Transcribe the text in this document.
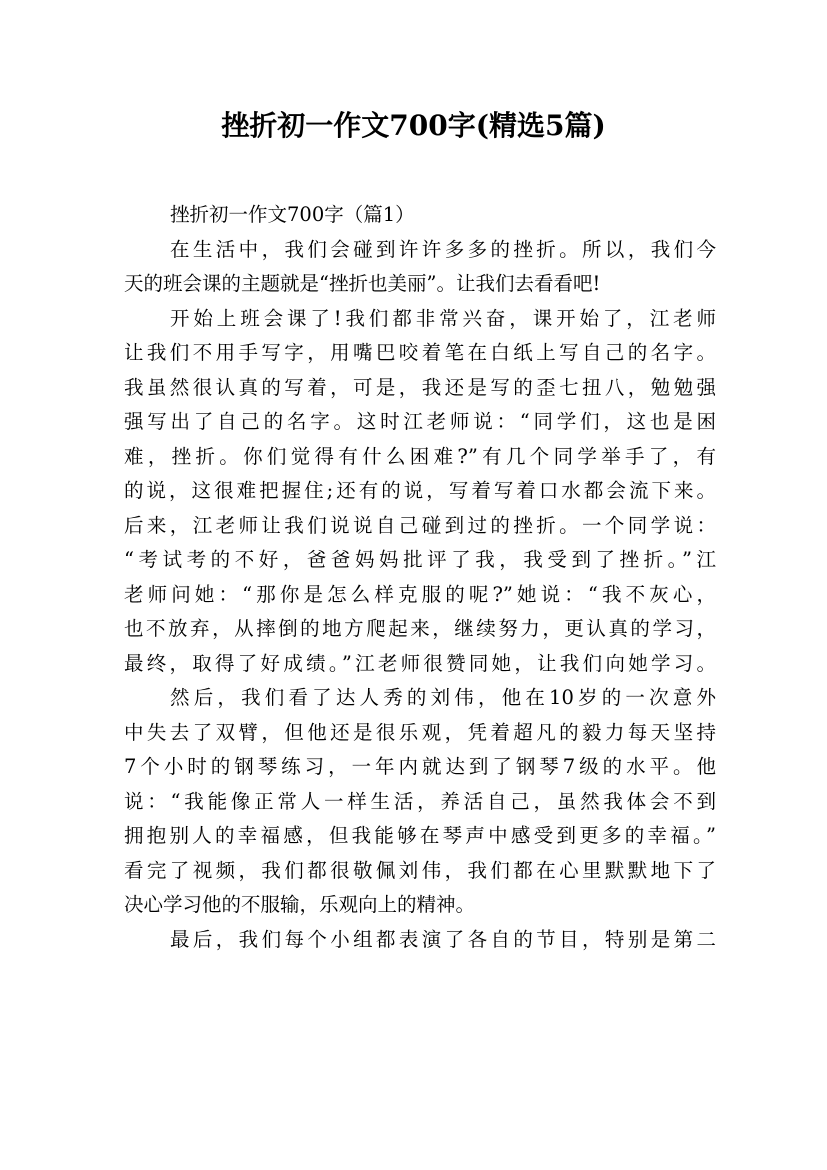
挫折初一作文700字(精选5篇)
挫折初一作文700字（篇1）
在生活中，我们会碰到许许多多的挫折。所以，我们今
天的班会课的主题就是“挫折也美丽”。让我们去看看吧!
开始上班会课了!我们都非常兴奋，课开始了，江老师
让我们不用手写字，用嘴巴咬着笔在白纸上写自己的名字。
我虽然很认真的写着，可是，我还是写的歪七扭八，勉勉强
强写出了自己的名字。这时江老师说：“同学们，这也是困
难，挫折。你们觉得有什么困难?”有几个同学举手了，有
的说，这很难把握住;还有的说，写着写着口水都会流下来。
后来，江老师让我们说说自己碰到过的挫折。一个同学说：
“考试考的不好，爸爸妈妈批评了我，我受到了挫折。”江
老师问她：“那你是怎么样克服的呢?”她说：“我不灰心，
也不放弃，从摔倒的地方爬起来，继续努力，更认真的学习，
最终，取得了好成绩。”江老师很赞同她，让我们向她学习。
然后，我们看了达人秀的刘伟，他在10岁的一次意外
中失去了双臂，但他还是很乐观，凭着超凡的毅力每天坚持
7个小时的钢琴练习，一年内就达到了钢琴7级的水平。他
说：“我能像正常人一样生活，养活自己，虽然我体会不到
拥抱别人的幸福感，但我能够在琴声中感受到更多的幸福。”
看完了视频，我们都很敬佩刘伟，我们都在心里默默地下了
决心学习他的不服输，乐观向上的精神。
最后，我们每个小组都表演了各自的节目，特别是第二
